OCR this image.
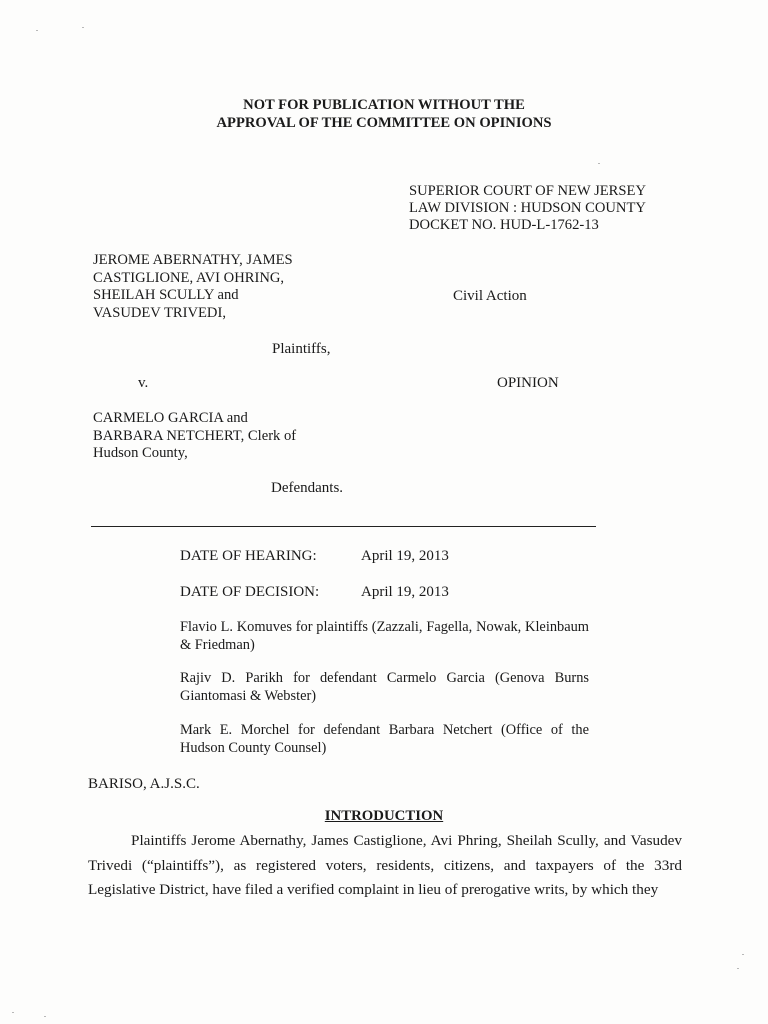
NOT FOR PUBLICATION WITHOUT THE
APPROVAL OF THE COMMITTEE ON OPINIONS
SUPERIOR COURT OF NEW JERSEY
LAW DIVISION : HUDSON COUNTY
DOCKET NO. HUD-L-1762-13
JEROME ABERNATHY, JAMES
CASTIGLIONE, AVI OHRING,
SHEILAH SCULLY and
VASUDEV TRIVEDI,
Civil Action
Plaintiffs,
v.	OPINION
CARMELO GARCIA and
BARBARA NETCHERT, Clerk of
Hudson County,
Defendants.
DATE OF HEARING:	April 19, 2013
DATE OF DECISION:	April 19, 2013
Flavio L. Komuves for plaintiffs (Zazzali, Fagella, Nowak, Kleinbaum & Friedman)
Rajiv D. Parikh for defendant Carmelo Garcia (Genova Burns Giantomasi & Webster)
Mark E. Morchel for defendant Barbara Netchert (Office of the Hudson County Counsel)
BARISO, A.J.S.C.
INTRODUCTION
Plaintiffs Jerome Abernathy, James Castiglione, Avi Phring, Sheilah Scully, and Vasudev Trivedi (“plaintiffs”), as registered voters, residents, citizens, and taxpayers of the 33rd Legislative District, have filed a verified complaint in lieu of prerogative writs, by which they
